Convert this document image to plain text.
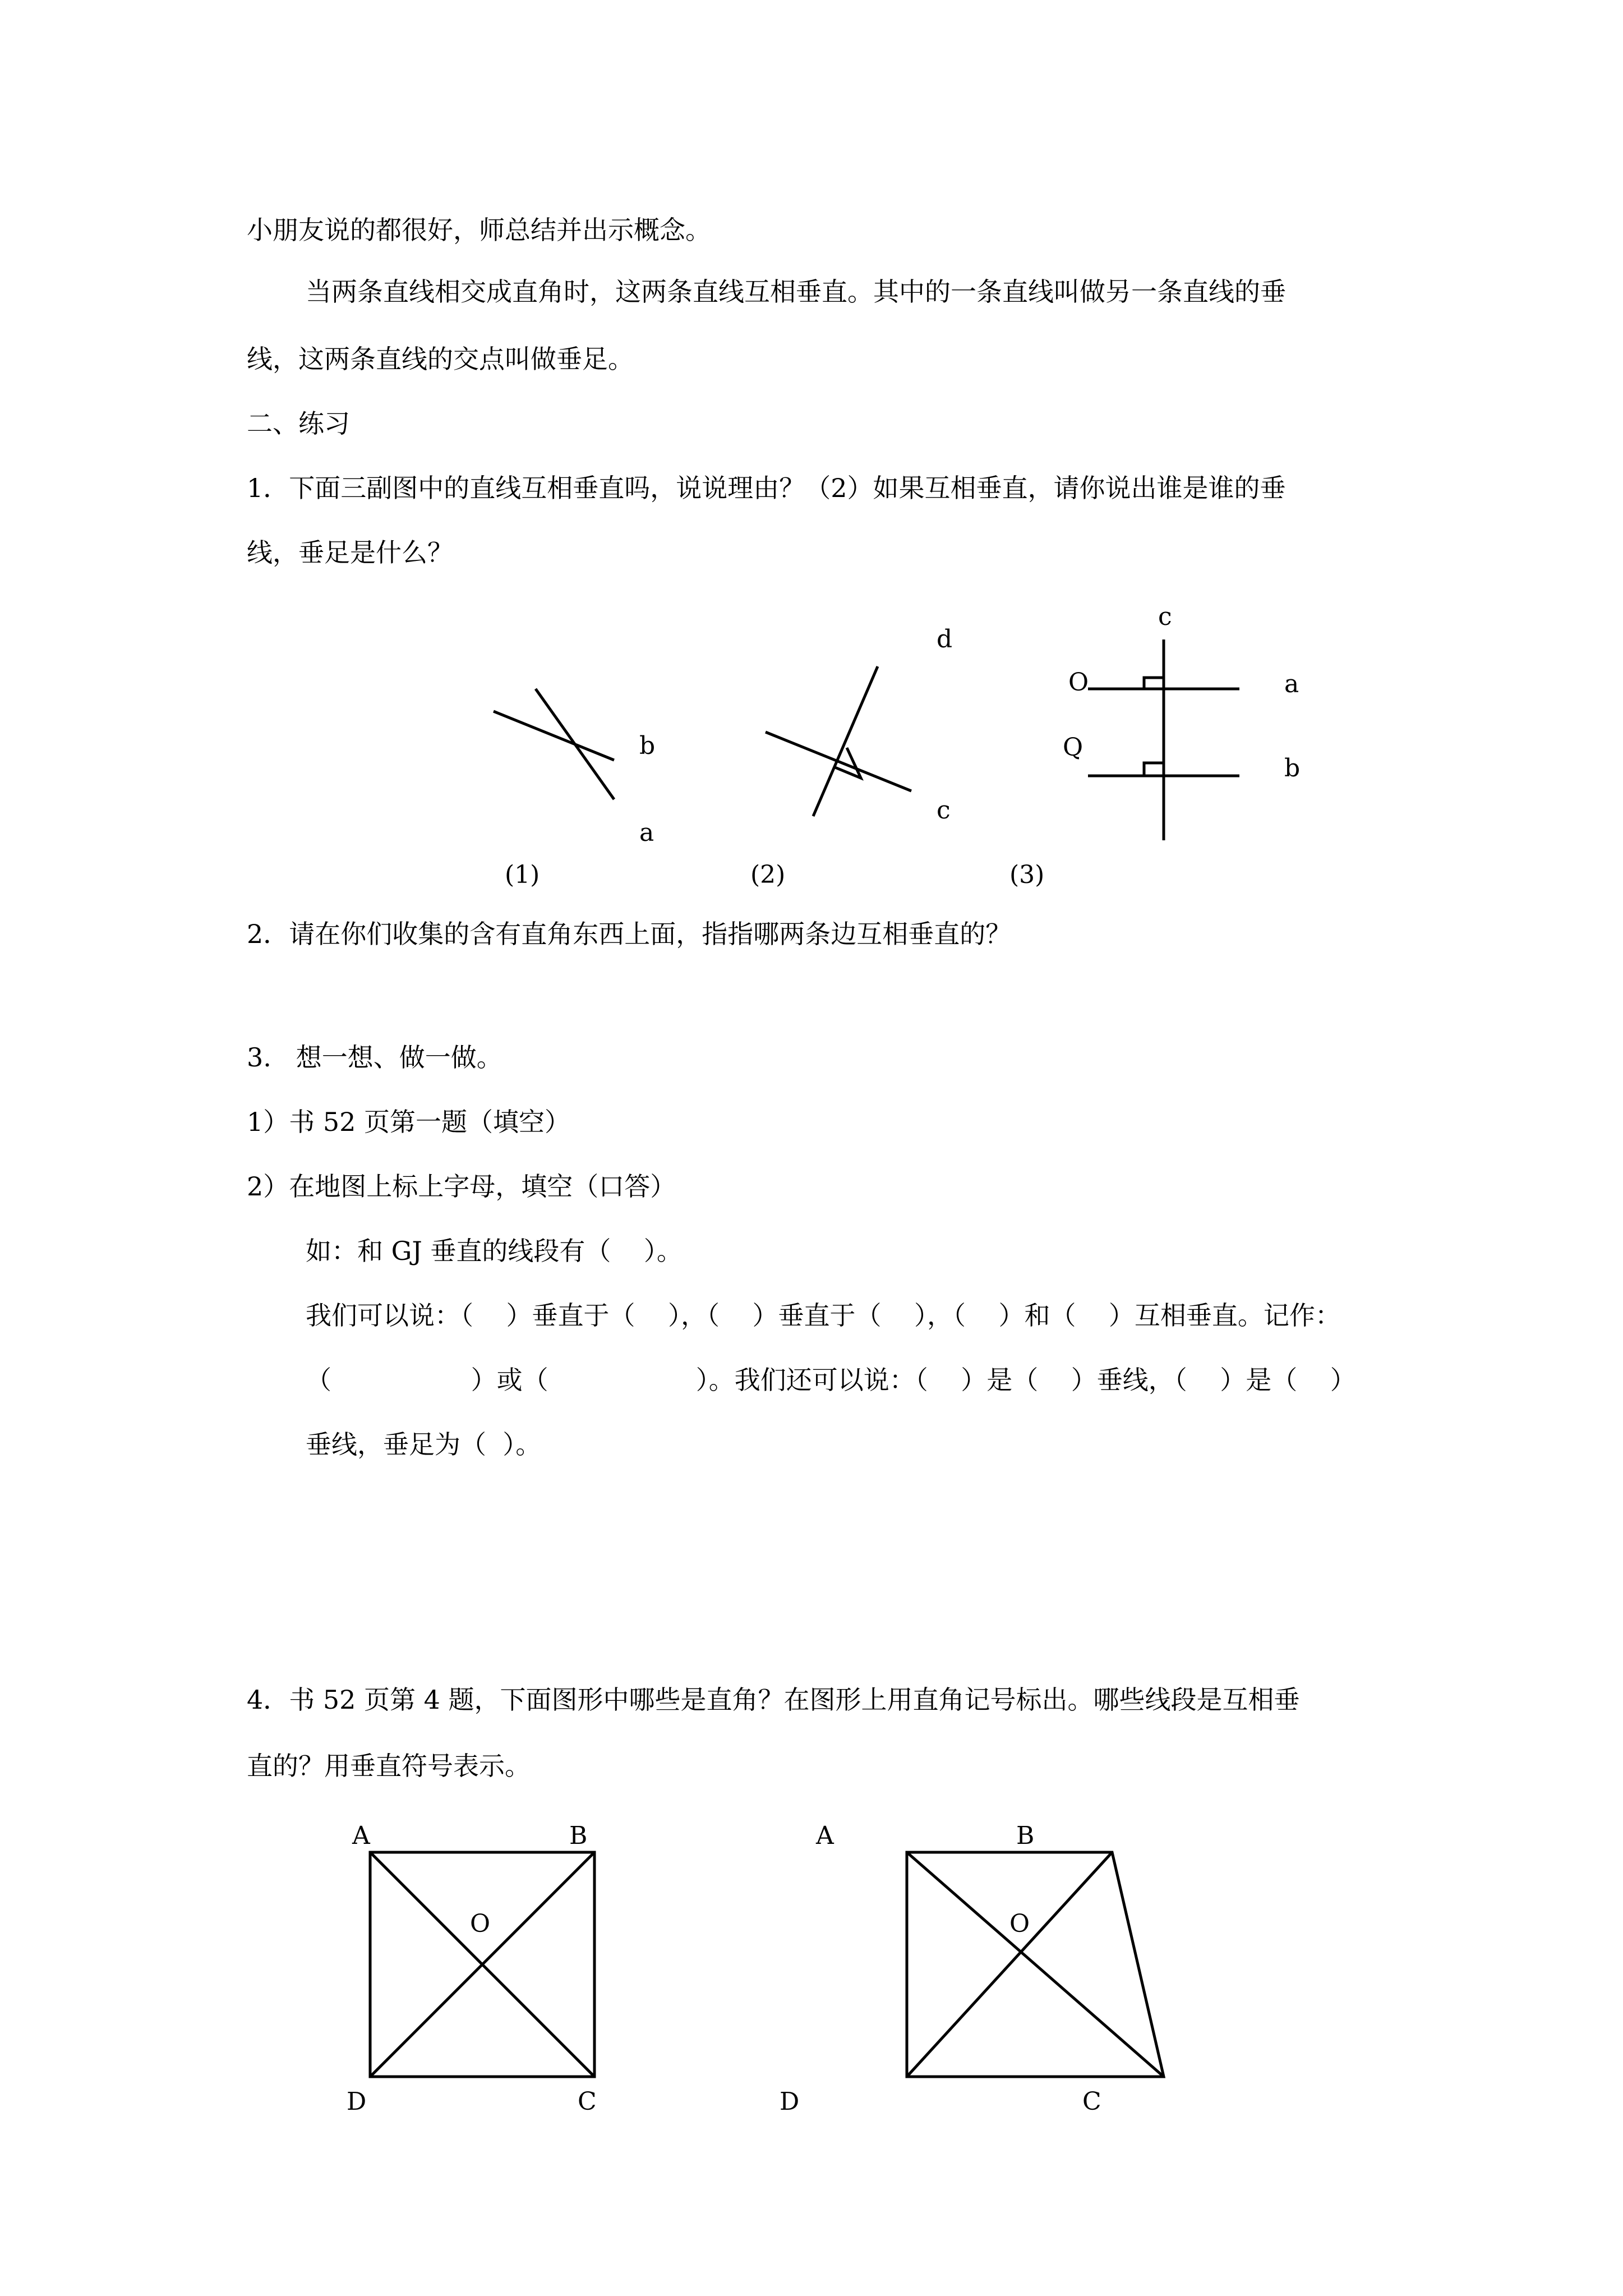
小朋友说的都很好，师总结并出示概念。
当两条直线相交成直角时，这两条直线互相垂直。其中的一条直线叫做另一条直线的垂
线，这两条直线的交点叫做垂足。
二、练习
1．下面三副图中的直线互相垂直吗，说说理由？（2）如果互相垂直，请你说出谁是谁的垂
线，垂足是什么？
b
a
d
c
c
O	a
Q
b
(1)	(2)	(3)
2．请在你们收集的含有直角东西上面，指指哪两条边互相垂直的？
3.   想一想、做一做。
1）书 52 页第一题（填空）
2）在地图上标上字母，填空（口答）
如：和 GJ 垂直的线段有（    ）。
我们可以说：（    ）垂直于（    ），（    ）垂直于（    ），（    ）和（    ）互相垂直。记作：
（                 ）或（                  ）。我们还可以说：（    ）是（    ）垂线，（    ）是（    ）
垂线，垂足为（  ）。
4．书 52 页第 4 题，下面图形中哪些是直角？在图形上用直角记号标出。哪些线段是互相垂
直的？用垂直符号表示。
A	B
O
D	C
A	B
O
D	C
